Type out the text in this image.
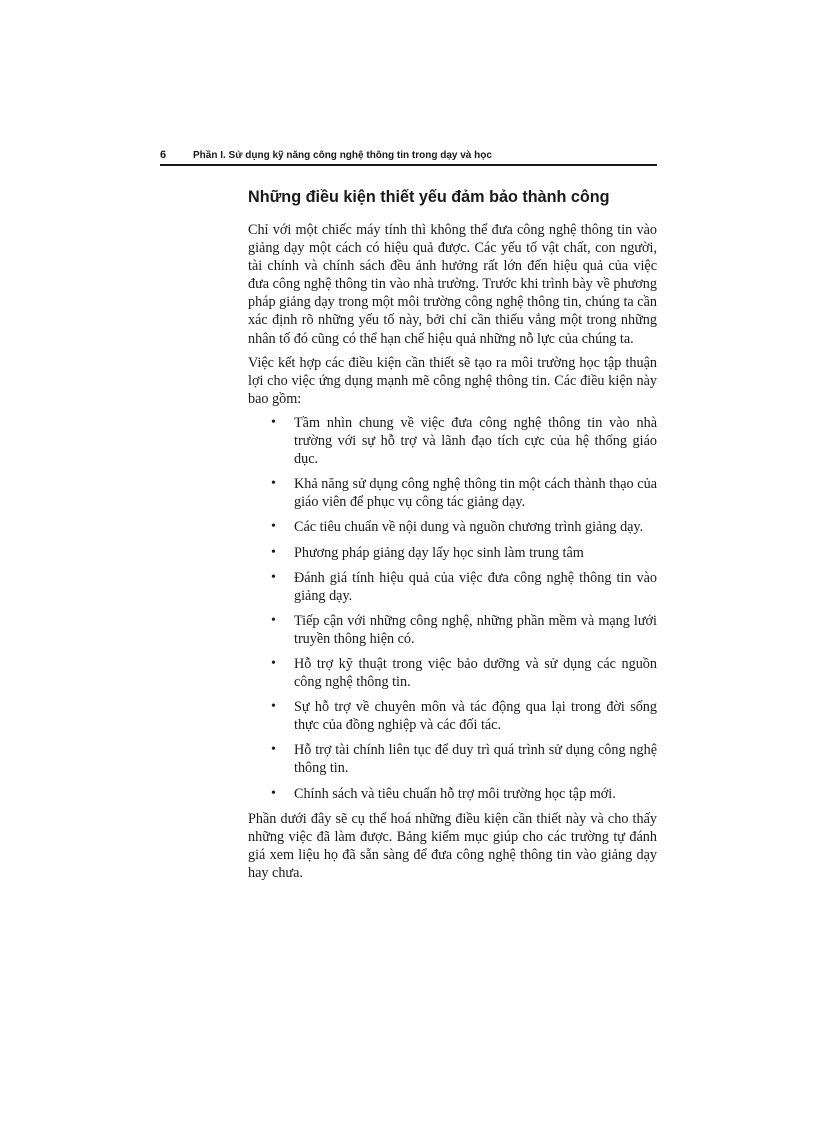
6	Phần I. Sử dụng kỹ năng công nghệ thông tin trong dạy và học
Những điều kiện thiết yếu đảm bảo thành công

Chỉ với một chiếc máy tính thì không thể đưa công nghệ thông tin vào giảng dạy một cách có hiệu quả được. Các yếu tố vật chất, con người, tài chính và chính sách đều ảnh hưởng rất lớn đến hiệu quả của việc đưa công nghệ thông tin vào nhà trường. Trước khi trình bày về phương pháp giảng dạy trong một môi trường công nghệ thông tin, chúng ta cần xác định rõ những yếu tố này, bởi chỉ cần thiếu vắng một trong những nhân tố đó cũng có thể hạn chế hiệu quả những nỗ lực của chúng ta.

Việc kết hợp các điều kiện cần thiết sẽ tạo ra môi trường học tập thuận lợi cho việc ứng dụng mạnh mẽ công nghệ thông tin. Các điều kiện này bao gồm:

• Tầm nhìn chung về việc đưa công nghệ thông tin vào nhà trường với sự hỗ trợ và lãnh đạo tích cực của hệ thống giáo dục.
• Khả năng sử dụng công nghệ thông tin một cách thành thạo của giáo viên để phục vụ công tác giảng dạy.
• Các tiêu chuẩn về nội dung và nguồn chương trình giảng dạy.
• Phương pháp giảng dạy lấy học sinh làm trung tâm
• Đánh giá tính hiệu quả của việc đưa công nghệ thông tin vào giảng dạy.
• Tiếp cận với những công nghệ, những phần mềm và mạng lưới truyền thông hiện có.
• Hỗ trợ kỹ thuật trong việc bảo dưỡng và sử dụng các nguồn công nghệ thông tin.
• Sự hỗ trợ về chuyên môn và tác động qua lại trong đời sống thực của đồng nghiệp và các đối tác.
• Hỗ trợ tài chính liên tục để duy trì quá trình sử dụng công nghệ thông tin.
• Chính sách và tiêu chuẩn hỗ trợ môi trường học tập mới.

Phần dưới đây sẽ cụ thể hoá những điều kiện cần thiết này và cho thấy những việc đã làm được. Bảng kiểm mục giúp cho các trường tự đánh giá xem liệu họ đã sẵn sàng để đưa công nghệ thông tin vào giảng dạy hay chưa.
